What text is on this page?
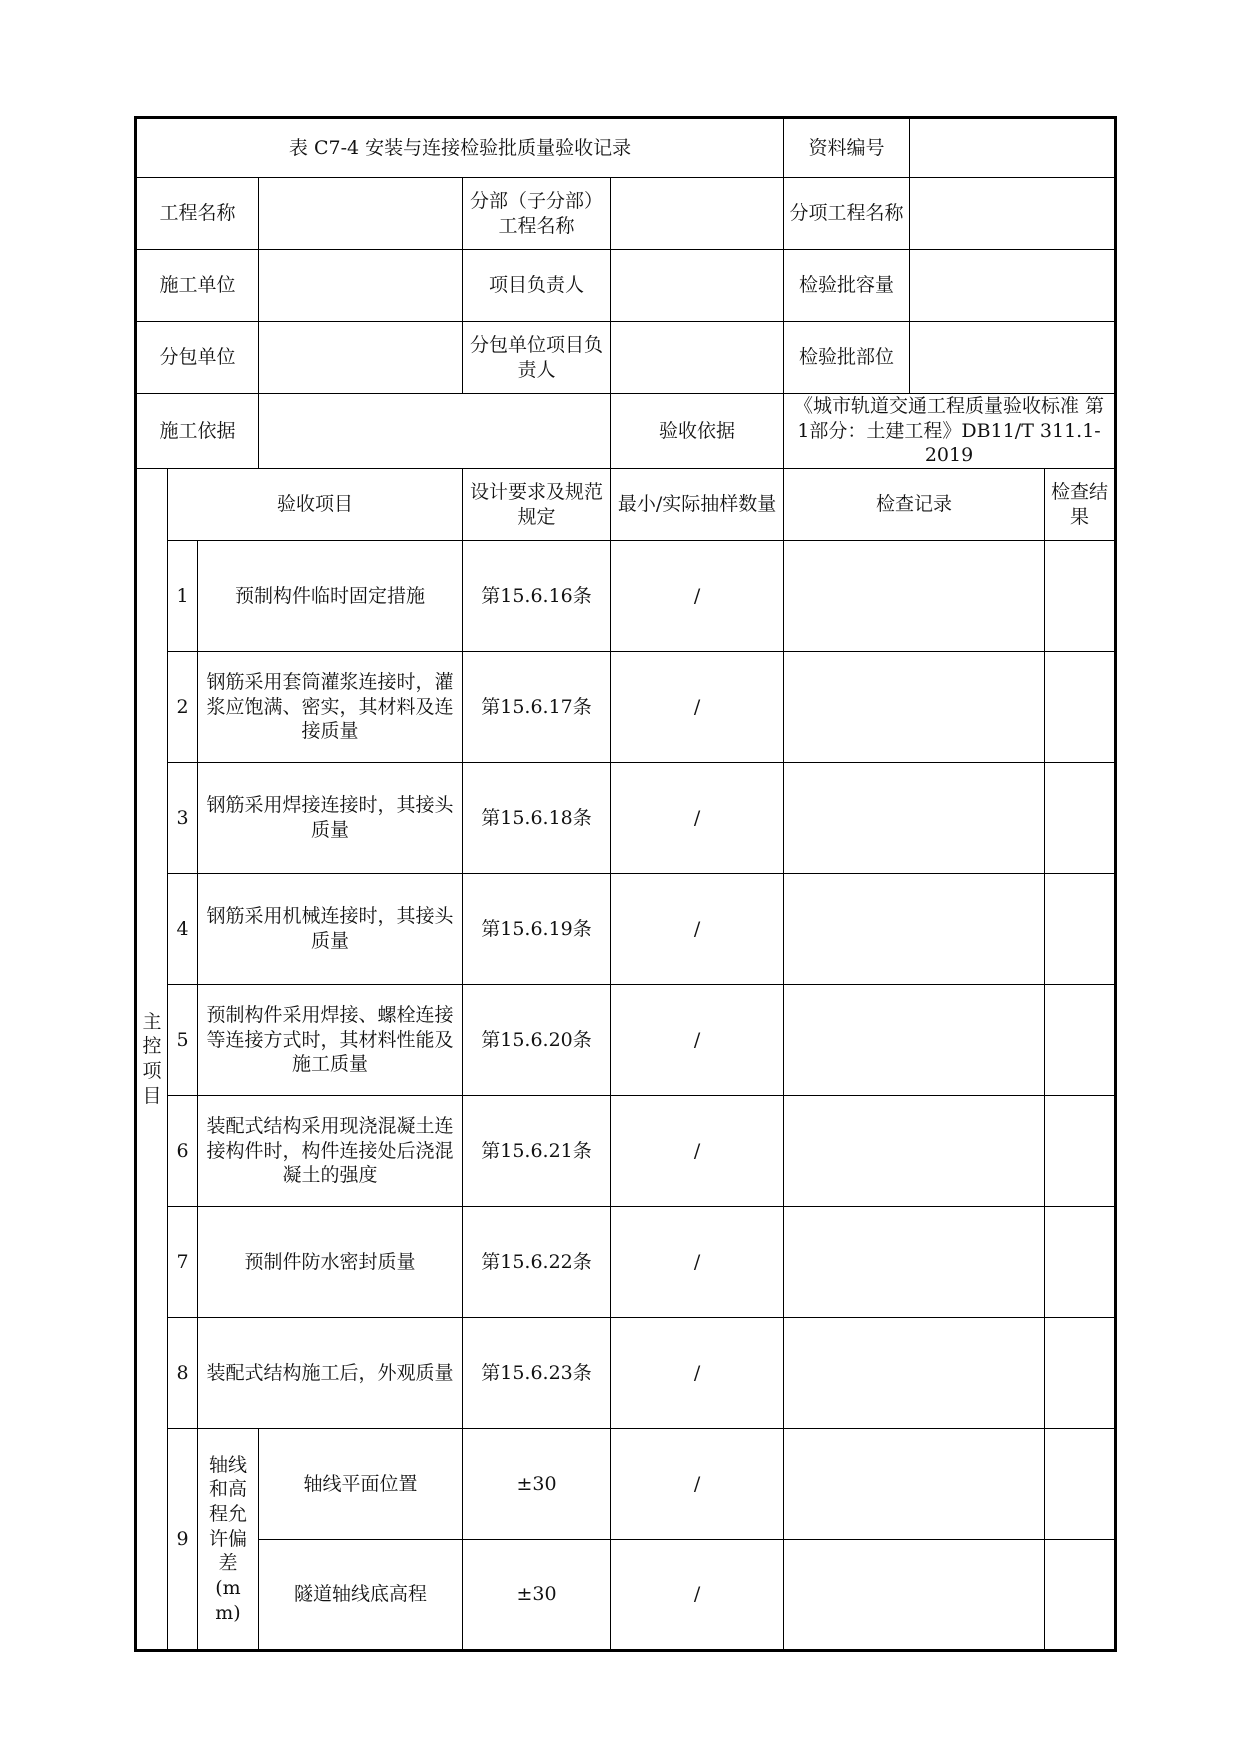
表 C7-4 安装与连接检验批质量验收记录						资料编号		
工程名称				分部（子分部）工程名称		分项工程名称		
施工单位				项目负责人		检验批容量		
分包单位				分包单位项目负责人		检验批部位		
施工依据					验收依据	《城市轨道交通工程质量验收标准 第1部分：土建工程》DB11/T 311.1-2019		
主控项目	验收项目			设计要求及规范规定	最小/实际抽样数量	检查记录		检查结果
	1	预制构件临时固定措施		第15.6.16条	/			
	2	钢筋采用套筒灌浆连接时，灌浆应饱满、密实，其材料及连接质量		第15.6.17条	/			
	3	钢筋采用焊接连接时，其接头质量		第15.6.18条	/			
	4	钢筋采用机械连接时，其接头质量		第15.6.19条	/			
	5	预制构件采用焊接、螺栓连接等连接方式时，其材料性能及施工质量		第15.6.20条	/			
	6	装配式结构采用现浇混凝土连接构件时，构件连接处后浇混凝土的强度		第15.6.21条	/			
	7	预制件防水密封质量		第15.6.22条	/			
	8	装配式结构施工后，外观质量		第15.6.23条	/			
	9	轴线和高程允许偏差(mm)	轴线平面位置	±30	/			
			隧道轴线底高程	±30	/			
